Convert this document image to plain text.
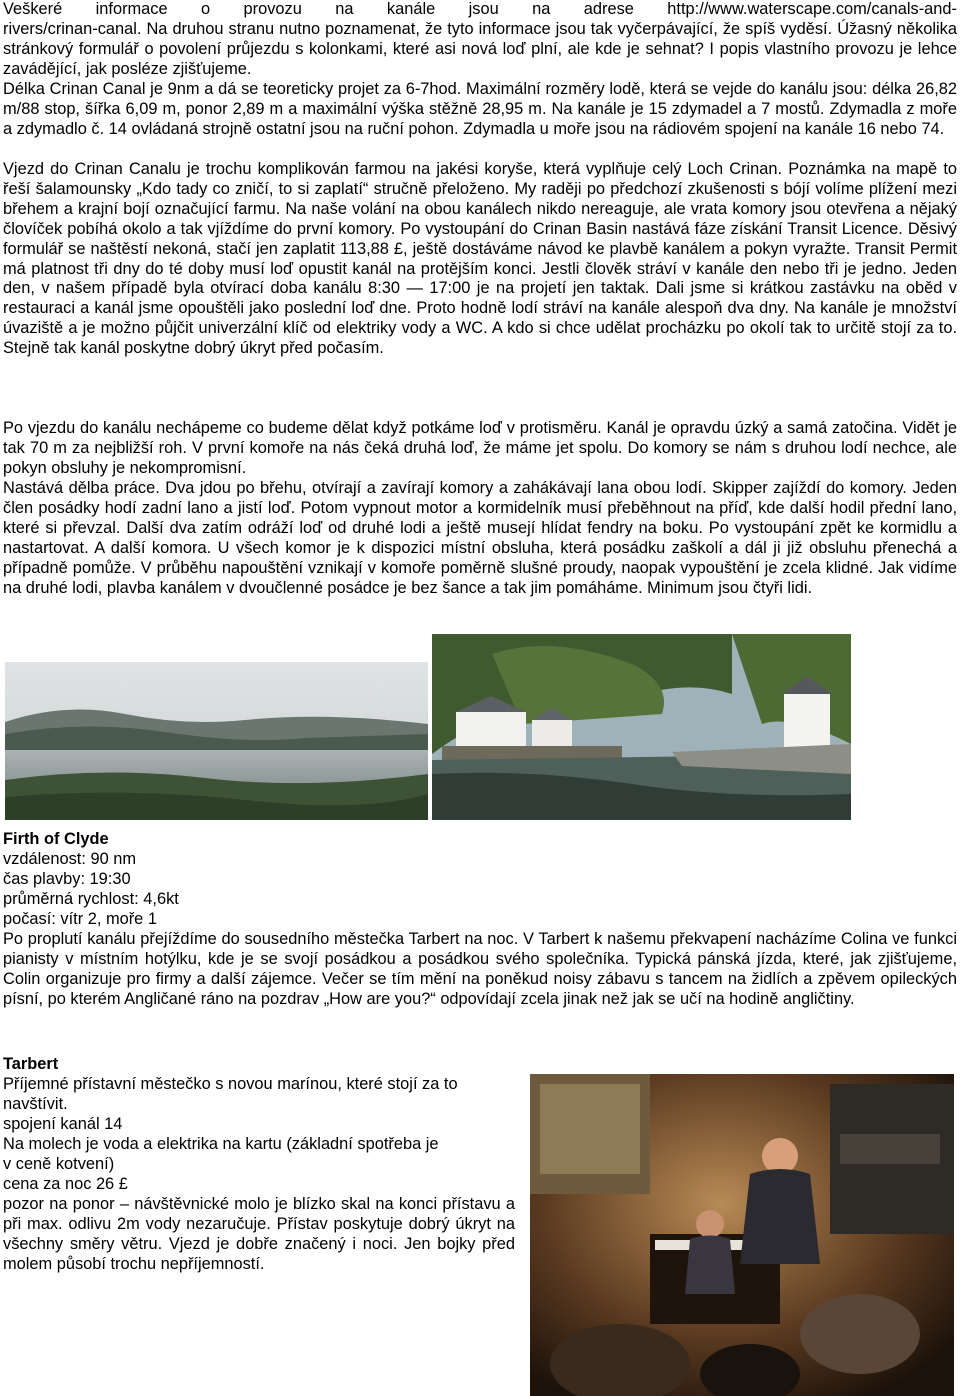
Veškeré informace o provozu na kanále jsou na adrese http://www.waterscape.com/canals-and-

rivers/crinan-canal. Na druhou stranu nutno poznamenat, že tyto informace jsou tak vyčerpávající, že spíš vyděsí. Úžasný několika stránkový formulář o povolení průjezdu s kolonkami, které asi nová loď plní, ale kde je sehnat? I popis vlastního provozu je lehce zavádějící, jak posléze zjišťujeme.

Délka Crinan Canal je 9nm a dá se teoreticky projet za 6-7hod. Maximální rozměry lodě, která se vejde do kanálu jsou: délka 26,82 m/88 stop, šířka 6,09 m, ponor 2,89 m a maximální výška stěžně 28,95 m. Na kanále je 15 zdymadel a 7 mostů. Zdymadla z moře a zdymadlo č. 14 ovládaná strojně ostatní jsou na ruční pohon. Zdymadla u moře jsou na rádiovém spojení na kanále 16 nebo 74.

Vjezd do Crinan Canalu je trochu komplikován farmou na jakési koryše, která vyplňuje celý Loch Crinan. Poznámka na mapě to řeší šalamounsky „Kdo tady co zničí, to si zaplatí“ stručně přeloženo. My raději po předchozí zkušenosti s bójí volíme plížení mezi břehem a krajní bojí označující farmu. Na naše volání na obou kanálech nikdo nereaguje, ale vrata komory jsou otevřena a nějaký človíček pobíhá okolo a tak vjíždíme do první komory. Po vystoupání do Crinan Basin nastává fáze získání Transit Licence. Děsivý formulář se naštěstí nekoná, stačí jen zaplatit 113,88 £, ještě dostáváme návod ke plavbě kanálem a pokyn vyražte. Transit Permit má platnost tři dny do té doby musí loď opustit kanál na protějším konci. Jestli člověk stráví v kanále den nebo tři je jedno. Jeden den, v našem případě byla otvírací doba kanálu 8:30 — 17:00 je na projetí jen taktak. Dali jsme si krátkou zastávku na oběd v restauraci a kanál jsme opouštěli jako poslední loď dne. Proto hodně lodí stráví na kanále alespoň dva dny. Na kanále je množství úvaziště a je možno půjčit univerzální klíč od elektriky vody a WC. A kdo si chce udělat procházku po okolí tak to určitě stojí za to. Stejně tak kanál poskytne dobrý úkryt před počasím.

Po vjezdu do kanálu nechápeme co budeme dělat když potkáme loď v protisměru. Kanál je opravdu úzký a samá zatočina. Vidět je tak 70 m za nejbližší roh. V první komoře na nás čeká druhá loď, že máme jet spolu. Do komory se nám s druhou lodí nechce, ale pokyn obsluhy je nekompromisní.

Nastává dělba práce. Dva jdou po břehu, otvírají a zavírají komory a zahákávají lana obou lodí. Skipper zajíždí do komory. Jeden člen posádky hodí zadní lano a jistí loď. Potom vypnout motor a kormidelník musí přeběhnout na příď, kde další hodil přední lano, které si převzal. Další dva zatím odráží loď od druhé lodi a ještě musejí hlídat fendry na boku. Po vystoupání zpět ke kormidlu a nastartovat. A další komora. U všech komor je k dispozici místní obsluha, která posádku zaškolí a dál ji již obsluhu přenechá a případně pomůže. V průběhu napouštění vznikají v komoře poměrně slušné proudy, naopak vypouštění je zcela klidné. Jak vidíme na druhé lodi, plavba kanálem v dvoučlenné posádce je bez šance a tak jim pomáháme. Minimum jsou čtyři lidi.

Firth of Clyde
vzdálenost: 90 nm
čas plavby: 19:30
průměrná rychlost: 4,6kt
počasí: vítr 2, moře 1

Po proplutí kanálu přejíždíme do sousedního městečka Tarbert na noc. V Tarbert k našemu překvapení nacházíme Colina ve funkci pianisty v místním hotýlku, kde je se svojí posádkou a posádkou svého společníka. Typická pánská jízda, které, jak zjišťujeme, Colin organizuje pro firmy a další zájemce. Večer se tím mění na poněkud noisy zábavu s tancem na židlích a zpěvem opileckých písní, po kterém Angličané ráno na pozdrav „How are you?“ odpovídají zcela jinak než jak se učí na hodině angličtiny.

Tarbert
Příjemné přístavní městečko s novou marínou, které stojí za to
navštívit.
spojení kanál 14
Na molech je voda a elektrika na kartu (základní spotřeba je
v ceně kotvení)
cena za noc 26 £

pozor na ponor – návštěvnické molo je blízko skal na konci přístavu a při max. odlivu 2m vody nezaručuje. Přístav poskytuje dobrý úkryt na všechny směry větru. Vjezd je dobře značený i noci. Jen bojky před molem působí trochu nepříjemností.
